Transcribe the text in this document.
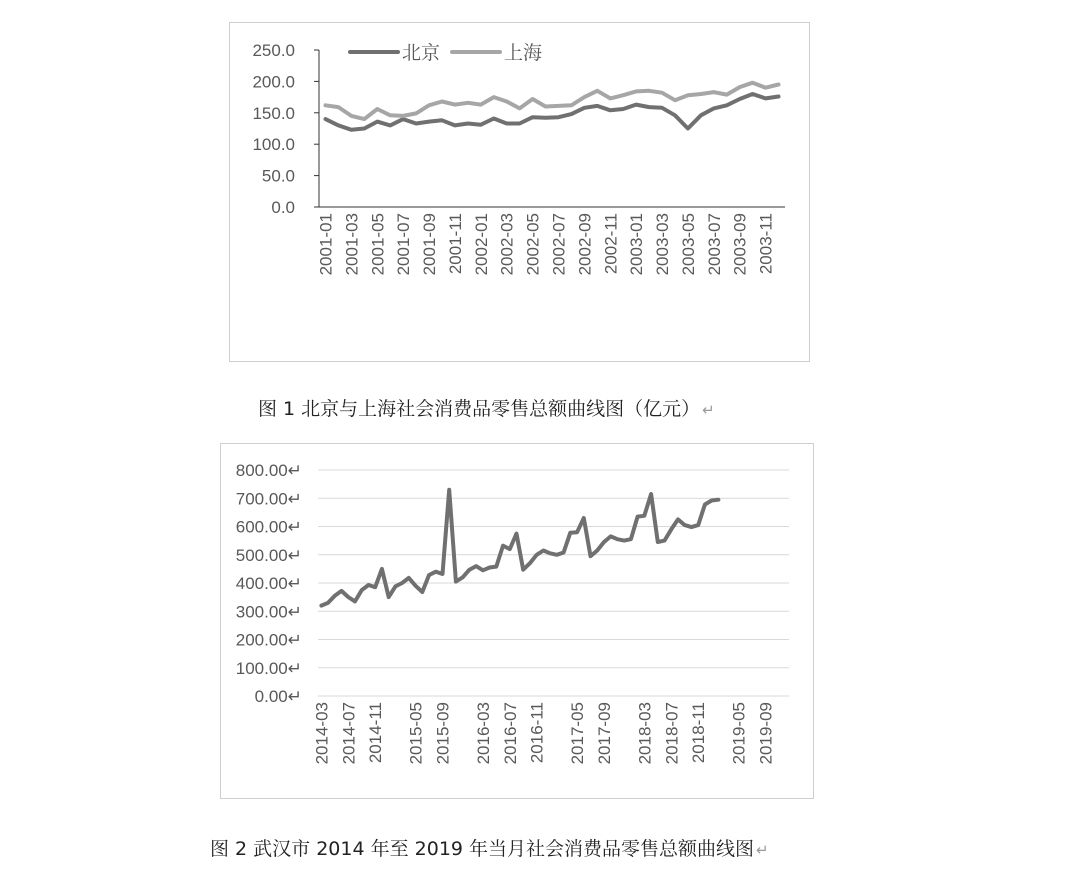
0.0
50.0
100.0
150.0
200.0
250.0
2001-01 2001-03 2001-05 2001-07 2001-09 2001-11 2002-01 2002-03 2002-05 2002-07 2002-09 2002-11 2003-01 2003-03 2003-05 2003-07 2003-09 2003-11
北京	上海
图 1 北京与上海社会消费品零售总额曲线图（亿元） ↵
0.00↵
100.00↵
200.00↵
300.00↵
400.00↵
500.00↵
600.00↵
700.00↵
800.00↵
2014-03 2014-07 2014-11 2015-05 2015-09 2016-03 2016-07 2016-11 2017-05 2017-09 2018-03 2018-07 2018-11 2019-05 2019-09
图 2 武汉市 2014 年至 2019 年当月社会消费品零售总额曲线图 ↵
